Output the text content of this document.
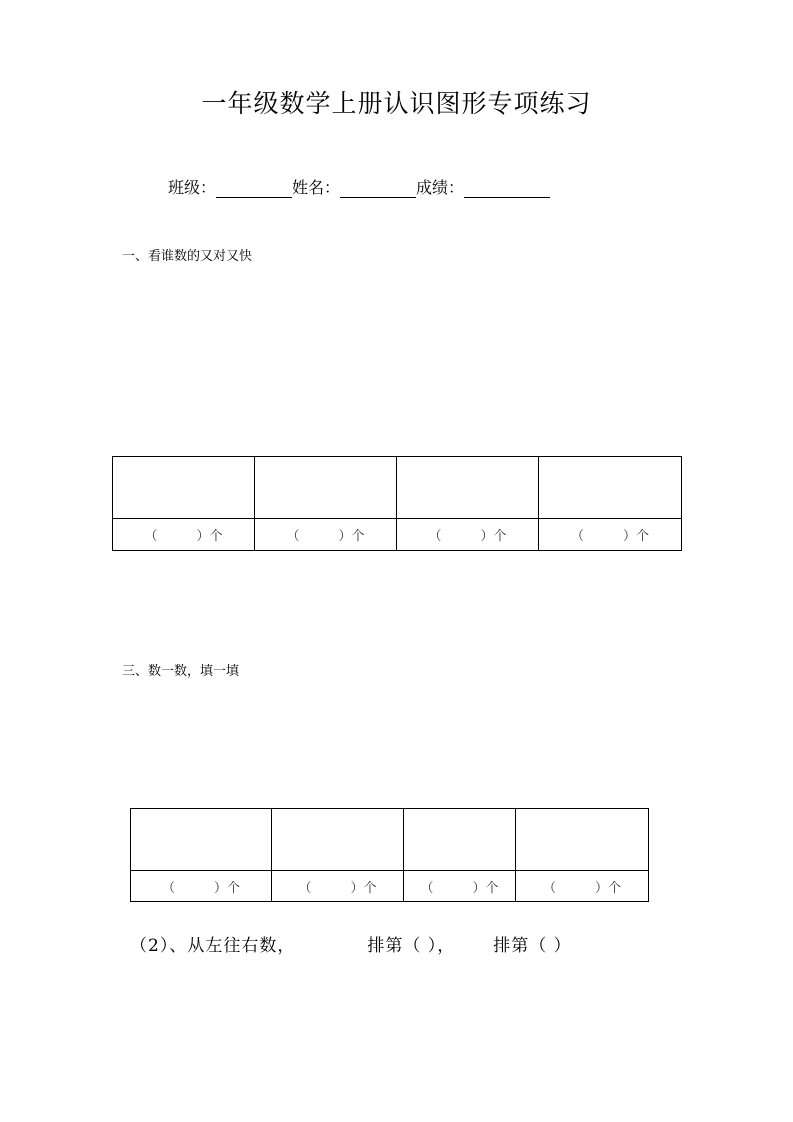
一年级数学上册认识图形专项练习
班级：	姓名：	成绩：
一、看谁数的又对又快

（　　　）个	（　　　）个	（　　　）个	（　　　）个
三、数一数，填一填

（　　　）个	（　　　）个	（　　　）个	（　　　）个
（2）、从左往右数，	排第（ ）， 排第（ ）
